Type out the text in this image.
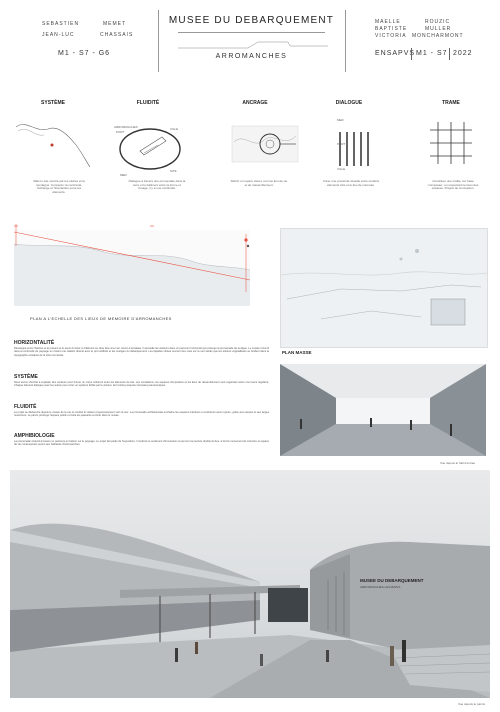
SEBASTIEN	MEMET
JEAN-LUC	CHASSAIS
M1 - S7 - G6
MUSEE DU DEBARQUEMENT
ARROMANCHES
MAELLE	ROUZIC
BAPTISTE	MULLER
VICTORIA MONCHARMONT
ENSAPVS M1 - S7 2022
SYSTÈME	FLUIDITÉ	ANCRAGE	DIALOGUE	TRAME
ARROMANCHES
PORT
VILLE
MER
SITE
MER
PORT
VILLE
Mais le site montré par les cadres et la montagne. Concepts: la continuité, l'échange et l'interaction entre les éléments.
Dialogue à travers une promenade dans la terre et le bâtiment entre la forme et l'usage, il y a une continuité.
Définir un repère visuel, comme lieu de vie et de rassemblement.
Créer une proximité visuelle entre certains éléments clés et le lieu de mémoire.
Constituer une maille, sur base 'composée', en respectant le tissu des espaces. Projets de conception.
PLAN A L'ECHELLE DES LIEUX DE MEMOIRE D'ARROMANCHES
PLAN MASSE
Vue depuis le hall d'entrée
HORIZONTALITÉ
Développé entre l'histoire et le présent et le souci du futur, le bâtiment se situe face à la mer. Ancré à la falaise, il accueille les visiteurs dans un parcours horizontal qui prolonge la promenade de la digue. Le musée s'inscrit dans la continuité du paysage en créant une relation directe avec le port artificiel et les vestiges du débarquement. Les façades vitrées ouvrent des vues sur la mer tandis que les toitures végétalisées se fondent dans la topographie existante de la côte normande.
SYSTÈME
Nous avons cherché à exploiter des vecteurs pour former un corps cohérent entre les éléments du site. Les circulations, les espaces d'exposition et les lieux de rassemblement sont organisés selon une trame régulière. Chaque élément dialogue avec les autres pour créer un système lisible par le visiteur, de l'entrée jusqu'aux terrasses panoramiques.
FLUIDITÉ
Le projet se déclenche depuis le niveau de la rue et conduit le visiteur progressivement vers la mer. La promenade architecturale enchaîne les espaces intérieurs et extérieurs sans rupture, grâce aux rampes et aux larges ouvertures. Le parvis prolonge l'espace public et invite les passants à entrer dans le musée.
AMPHIBIOLOGIE
La promenade s'étend à travers un parcours en balcon sur le paysage. Le projet fait partie de l'exposition, il renforce le sentiment d'immersion et permet une lecture double du lieu, à la fois monument de mémoire et espace de vie contemporain ouvert aux habitants d'Arromanches.
MUSEE DU DEBARQUEMENT
ARROMANCHES-LES-BAINS
Vue depuis le parvis
